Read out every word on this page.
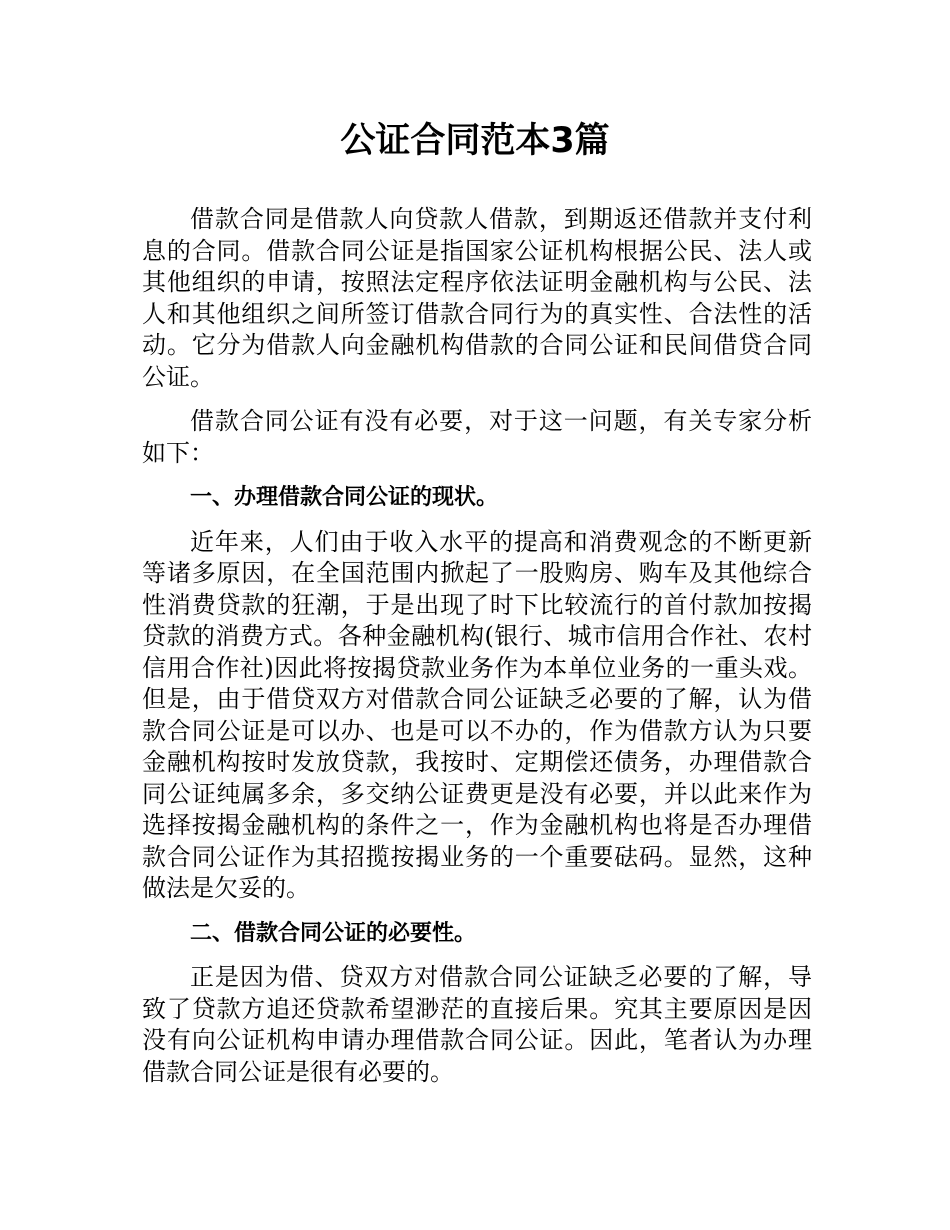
公证合同范本3篇

借款合同是借款人向贷款人借款，到期返还借款并支付利息的合同。借款合同公证是指国家公证机构根据公民、法人或其他组织的申请，按照法定程序依法证明金融机构与公民、法人和其他组织之间所签订借款合同行为的真实性、合法性的活动。它分为借款人向金融机构借款的合同公证和民间借贷合同公证。

借款合同公证有没有必要，对于这一问题，有关专家分析如下：

一、办理借款合同公证的现状。

近年来，人们由于收入水平的提高和消费观念的不断更新等诸多原因，在全国范围内掀起了一股购房、购车及其他综合性消费贷款的狂潮，于是出现了时下比较流行的首付款加按揭贷款的消费方式。各种金融机构(银行、城市信用合作社、农村信用合作社)因此将按揭贷款业务作为本单位业务的一重头戏。但是，由于借贷双方对借款合同公证缺乏必要的了解，认为借款合同公证是可以办、也是可以不办的，作为借款方认为只要金融机构按时发放贷款，我按时、定期偿还债务，办理借款合同公证纯属多余，多交纳公证费更是没有必要，并以此来作为选择按揭金融机构的条件之一，作为金融机构也将是否办理借款合同公证作为其招揽按揭业务的一个重要砝码。显然，这种做法是欠妥的。

二、借款合同公证的必要性。

正是因为借、贷双方对借款合同公证缺乏必要的了解，导致了贷款方追还贷款希望渺茫的直接后果。究其主要原因是因没有向公证机构申请办理借款合同公证。因此，笔者认为办理借款合同公证是很有必要的。
